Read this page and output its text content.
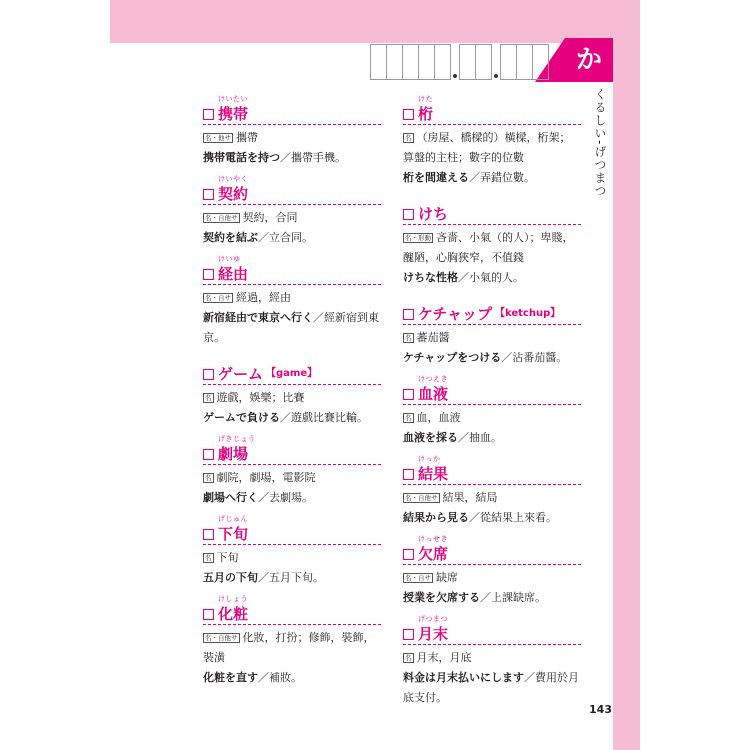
か
くるしい-げつまつ
143
けいたい
携帯
名・他サ 攜帶
携帯電話を持つ／攜帶手機。
けいやく
契約
名・自他サ 契約，合同
契約を結ぶ／立合同。
けいゆ
経由
名・自サ 經過，經由
新宿経由で東京へ行く／經新宿到東京。
ゲーム 【game】
名 遊戲，娛樂；比賽
ゲームで負ける／遊戲比賽比輸。
げきじょう
劇場
名 劇院，劇場，電影院
劇場へ行く／去劇場。
げじゅん
下旬
名 下旬
五月の下旬／五月下旬。
けしょう
化粧
名・自他サ 化妝，打扮；修飾，裝飾，裝潢
化粧を直す／補妝。
けた
桁
名 （房屋、橋樑的）橫樑，桁架；算盤的主柱；數字的位數
桁を間違える／弄錯位數。
けち
名・形動 吝嗇、小氣（的人）；卑賤，醜陋，心胸狹窄，不值錢
けちな性格／小氣的人。
ケチャップ 【ketchup】
名 蕃茄醬
ケチャップをつける／沾番茄醬。
けつえき
血液
名 血，血液
血液を採る／抽血。
けっか
結果
名・自他サ 結果，結局
結果から見る／從結果上來看。
けっせき
欠席
名・自サ 缺席
授業を欠席する／上課缺席。
げつまつ
月末
名 月末，月底
料金は月末払いにします／費用於月底支付。
